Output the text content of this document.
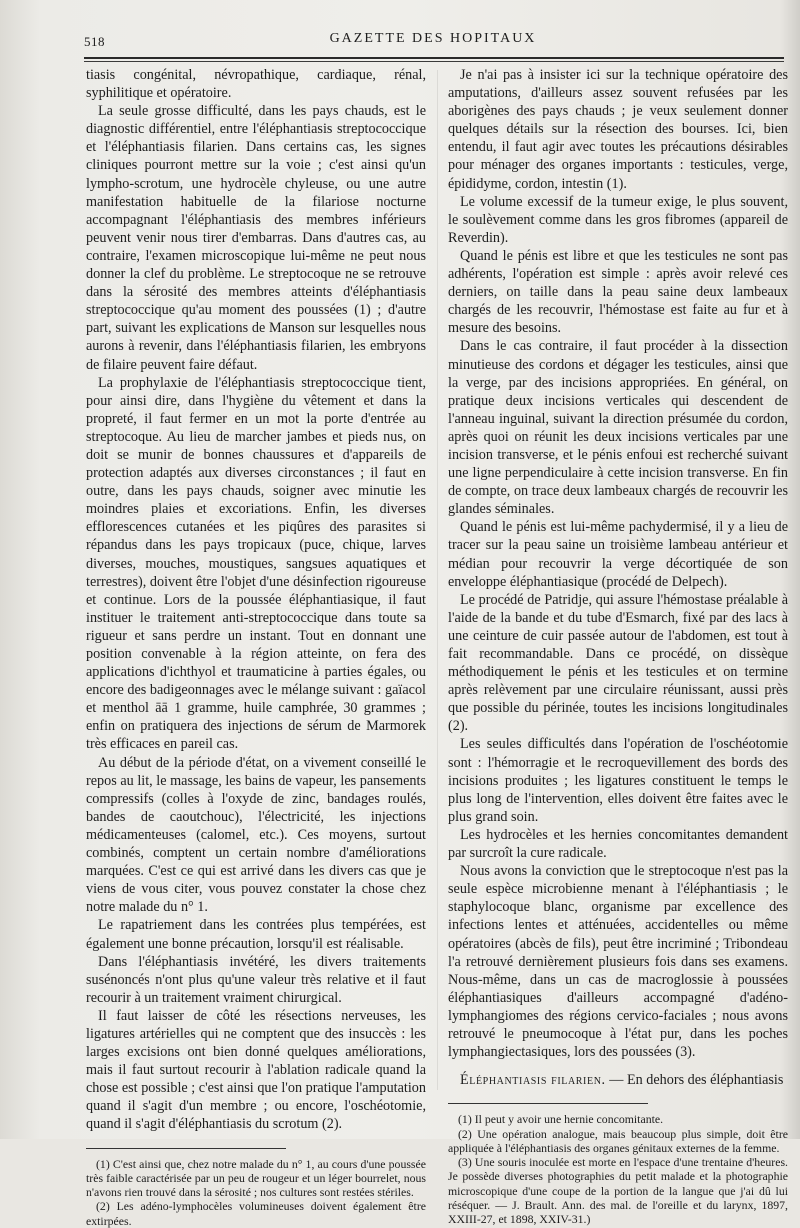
518	GAZETTE DES HOPITAUX

tiasis congénital, névropathique, cardiaque, rénal, syphilitique et opératoire.

La seule grosse difficulté, dans les pays chauds, est le diagnostic différentiel, entre l'éléphantiasis streptococcique et l'éléphantiasis filarien. Dans certains cas, les signes cliniques pourront mettre sur la voie ; c'est ainsi qu'un lympho-scrotum, une hydrocèle chyleuse, ou une autre manifestation habituelle de la filariose nocturne accompagnant l'éléphantiasis des membres inférieurs peuvent venir nous tirer d'embarras. Dans d'autres cas, au contraire, l'examen microscopique lui-même ne peut nous donner la clef du problème. Le streptocoque ne se retrouve dans la sérosité des membres atteints d'éléphantiasis streptococcique qu'au moment des poussées (1) ; d'autre part, suivant les explications de Manson sur lesquelles nous aurons à revenir, dans l'éléphantiasis filarien, les embryons de filaire peuvent faire défaut.

La prophylaxie de l'éléphantiasis streptococcique tient, pour ainsi dire, dans l'hygiène du vêtement et dans la propreté, il faut fermer en un mot la porte d'entrée au streptocoque. Au lieu de marcher jambes et pieds nus, on doit se munir de bonnes chaussures et d'appareils de protection adaptés aux diverses circonstances ; il faut en outre, dans les pays chauds, soigner avec minutie les moindres plaies et excoriations. Enfin, les diverses efflorescences cutanées et les piqûres des parasites si répandus dans les pays tropicaux (puce, chique, larves diverses, mouches, moustiques, sangsues aquatiques et terrestres), doivent être l'objet d'une désinfection rigoureuse et continue. Lors de la poussée éléphantiasique, il faut instituer le traitement anti-streptococcique dans toute sa rigueur et sans perdre un instant. Tout en donnant une position convenable à la région atteinte, on fera des applications d'ichthyol et traumaticine à parties égales, ou encore des badigeonnages avec le mélange suivant : gaïacol et menthol āā 1 gramme, huile camphrée, 30 grammes ; enfin on pratiquera des injections de sérum de Marmorek très efficaces en pareil cas.

Au début de la période d'état, on a vivement conseillé le repos au lit, le massage, les bains de vapeur, les pansements compressifs (colles à l'oxyde de zinc, bandages roulés, bandes de caoutchouc), l'électricité, les injections médicamenteuses (calomel, etc.). Ces moyens, surtout combinés, comptent un certain nombre d'améliorations marquées. C'est ce qui est arrivé dans les divers cas que je viens de vous citer, vous pouvez constater la chose chez notre malade du n° 1.

Le rapatriement dans les contrées plus tempérées, est également une bonne précaution, lorsqu'il est réalisable.

Dans l'éléphantiasis invétéré, les divers traitements susénoncés n'ont plus qu'une valeur très relative et il faut recourir à un traitement vraiment chirurgical.

Il faut laisser de côté les résections nerveuses, les ligatures artérielles qui ne comptent que des insuccès : les larges excisions ont bien donné quelques améliorations, mais il faut surtout recourir à l'ablation radicale quand la chose est possible ; c'est ainsi que l'on pratique l'amputation quand il s'agit d'un membre ; ou encore, l'oschéotomie, quand il s'agit d'éléphantiasis du scrotum (2).

(1) C'est ainsi que, chez notre malade du n° 1, au cours d'une poussée très faible caractérisée par un peu de rougeur et un léger bourrelet, nous n'avons rien trouvé dans la sérosité ; nos cultures sont restées stériles.

(2) Les adéno-lymphocèles volumineuses doivent également être extirpées.

Je n'ai pas à insister ici sur la technique opératoire des amputations, d'ailleurs assez souvent refusées par les aborigènes des pays chauds ; je veux seulement donner quelques détails sur la résection des bourses. Ici, bien entendu, il faut agir avec toutes les précautions désirables pour ménager des organes importants : testicules, verge, épididyme, cordon, intestin (1).

Le volume excessif de la tumeur exige, le plus souvent, le soulèvement comme dans les gros fibromes (appareil de Reverdin).

Quand le pénis est libre et que les testicules ne sont pas adhérents, l'opération est simple : après avoir relevé ces derniers, on taille dans la peau saine deux lambeaux chargés de les recouvrir, l'hémostase est faite au fur et à mesure des besoins.

Dans le cas contraire, il faut procéder à la dissection minutieuse des cordons et dégager les testicules, ainsi que la verge, par des incisions appropriées. En général, on pratique deux incisions verticales qui descendent de l'anneau inguinal, suivant la direction présumée du cordon, après quoi on réunit les deux incisions verticales par une incision transverse, et le pénis enfoui est recherché suivant une ligne perpendiculaire à cette incision transverse. En fin de compte, on trace deux lambeaux chargés de recouvrir les glandes séminales.

Quand le pénis est lui-même pachydermisé, il y a lieu de tracer sur la peau saine un troisième lambeau antérieur et médian pour recouvrir la verge décortiquée de son enveloppe éléphantiasique (procédé de Delpech).

Le procédé de Patridje, qui assure l'hémostase préalable à l'aide de la bande et du tube d'Esmarch, fixé par des lacs à une ceinture de cuir passée autour de l'abdomen, est tout à fait recommandable. Dans ce procédé, on dissèque méthodiquement le pénis et les testicules et on termine après relèvement par une circulaire réunissant, aussi près que possible du périnée, toutes les incisions longitudinales (2).

Les seules difficultés dans l'opération de l'oschéotomie sont : l'hémorragie et le recroquevillement des bords des incisions produites ; les ligatures constituent le temps le plus long de l'intervention, elles doivent être faites avec le plus grand soin.

Les hydrocèles et les hernies concomitantes demandent par surcroît la cure radicale.

Nous avons la conviction que le streptocoque n'est pas la seule espèce microbienne menant à l'éléphantiasis ; le staphylocoque blanc, organisme par excellence des infections lentes et atténuées, accidentelles ou même opératoires (abcès de fils), peut être incriminé ; Tribondeau l'a retrouvé dernièrement plusieurs fois dans ses examens. Nous-même, dans un cas de macroglossie à poussées éléphantiasiques d'ailleurs accompagné d'adéno-lymphangiomes des régions cervico-faciales ; nous avons retrouvé le pneumocoque à l'état pur, dans les poches lymphangiectasiques, lors des poussées (3).

Éléphantiasis filarien. — En dehors des éléphantiasis

(1) Il peut y avoir une hernie concomitante.

(2) Une opération analogue, mais beaucoup plus simple, doit être appliquée à l'éléphantiasis des organes génitaux externes de la femme.

(3) Une souris inoculée est morte en l'espace d'une trentaine d'heures. Je possède diverses photographies du petit malade et la photographie microscopique d'une coupe de la portion de la langue que j'ai dû lui réséquer. — J. Brault. Ann. des mal. de l'oreille et du larynx, 1897, XXIII-27, et 1898, XXIV-31.)
